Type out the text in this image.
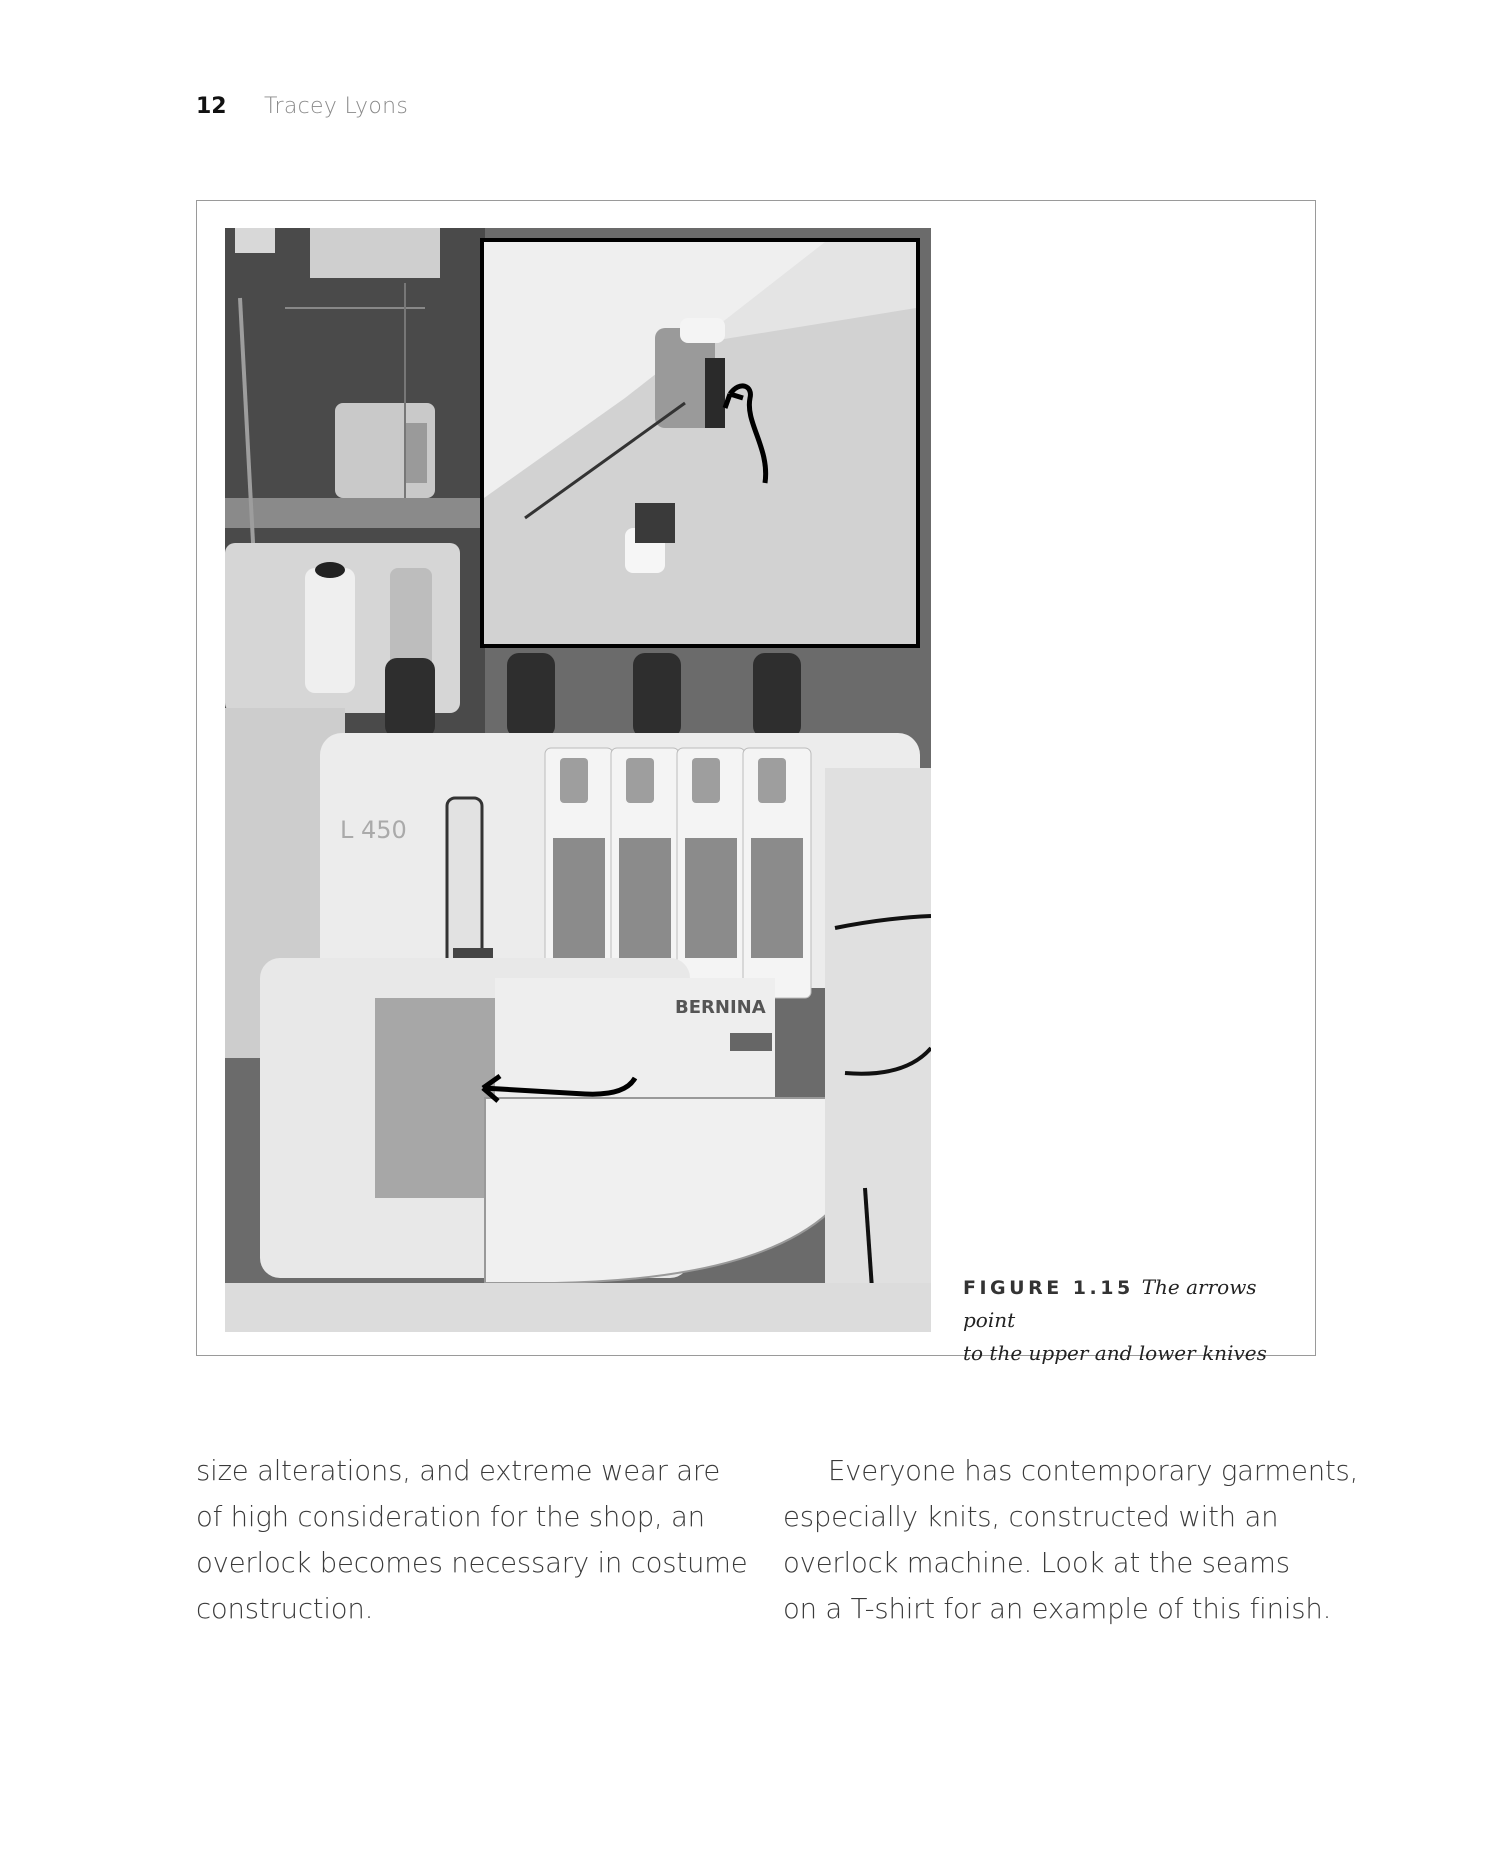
12	Tracey Lyons
L 450
BERNINA
FIGURE 1.15 The arrows point
to the upper and lower knives
size alterations, and extreme wear are
of high consideration for the shop, an
overlock becomes necessary in costume
construction.
Everyone has contemporary garments,
especially knits, constructed with an
overlock machine. Look at the seams
on a T-shirt for an example of this finish.
